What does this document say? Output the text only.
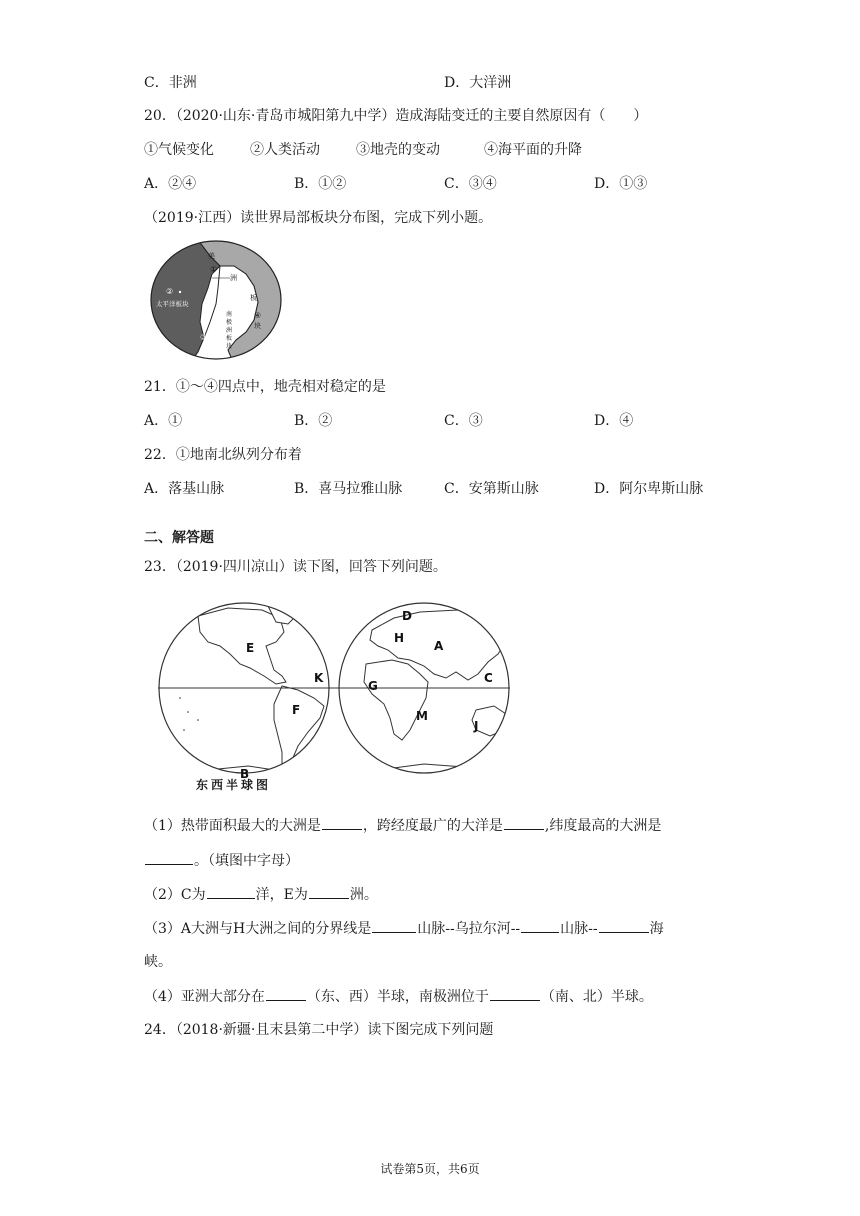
C．非洲	D．大洋洲
20．（2020·山东·青岛市城阳第九中学）造成海陆变迁的主要自然原因有（　　）
①气候变化	②人类活动	③地壳的变动	④海平面的升降
A．②④	B．①②	C．③④	D．①③
（2019·江西）读世界局部板块分布图，完成下列小题。
美
①
洲
②
太平洋板块
板
④
块
③
南
极
洲
板
块
21．①～④四点中，地壳相对稳定的是
A．①	B．②	C．③	D．④
22．①地南北纵列分布着
A．落基山脉	B．喜马拉雅山脉	C．安第斯山脉	D．阿尔卑斯山脉
二、解答题
23．（2019·四川凉山）读下图，回答下列问题。
E
K
F
B
D
H
A
G
C
M
J
东西半球图
（1）热带面积最大的大洲是	，跨经度最广的大洋是	,纬度最高的大洲是
。（填图中字母）
（2）C为	洋，E为	洲。
（3）A大洲与H大洲之间的分界线是	山脉--乌拉尔河--	山脉--	海
峡。
（4）亚洲大部分在	（东、西）半球，南极洲位于	（南、北）半球。
24．（2018·新疆·且末县第二中学）读下图完成下列问题
试卷第5页，共6页
